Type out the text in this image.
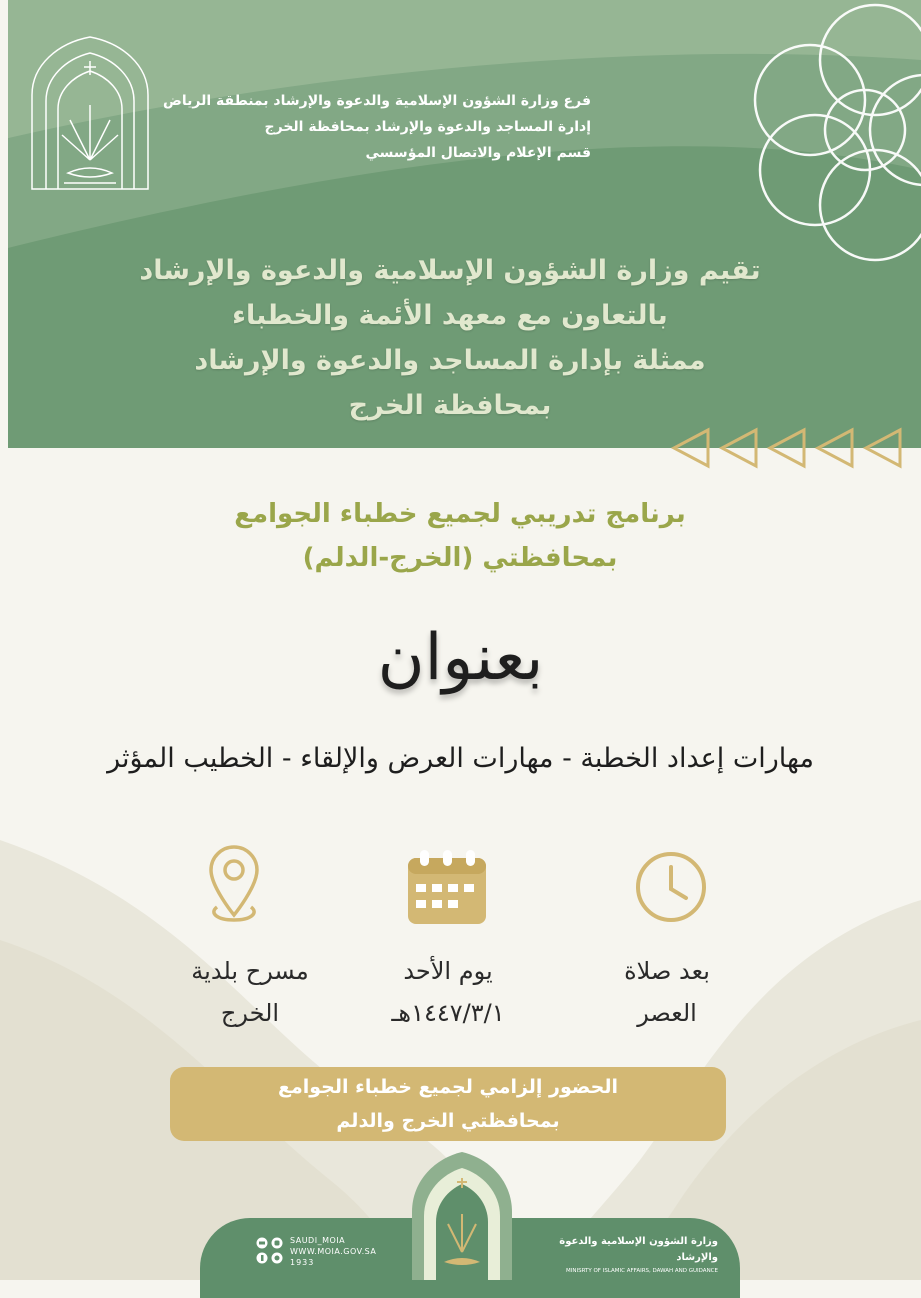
فرع وزارة الشؤون الإسلامية والدعوة والإرشاد بمنطقة الرياض
إدارة المساجد والدعوة والإرشاد بمحافظة الخرج
قسم الإعلام والاتصال المؤسسي
تقيم وزارة الشؤون الإسلامية والدعوة والإرشاد
بالتعاون مع معهد الأئمة والخطباء
ممثلة بإدارة المساجد والدعوة والإرشاد
بمحافظة الخرج
برنامج تدريبي لجميع خطباء الجوامع
بمحافظتي (الخرج-الدلم)
بعنوان
مهارات إعداد الخطبة - مهارات العرض والإلقاء - الخطيب المؤثر
مسرح بلدية
الخرج
يوم الأحد
١٤٤٧/٣/١هـ
بعد صلاة
العصر
الحضور إلزامي لجميع خطباء الجوامع
بمحافظتي الخرج والدلم
وزارة الشؤون الإسلامية والدعوة والإرشاد
MINISRTY OF ISLAMIC AFFAIRS, DAWAH AND GUIDANCE
SAUDI_MOIA
WWW.MOIA.GOV.SA
1933
